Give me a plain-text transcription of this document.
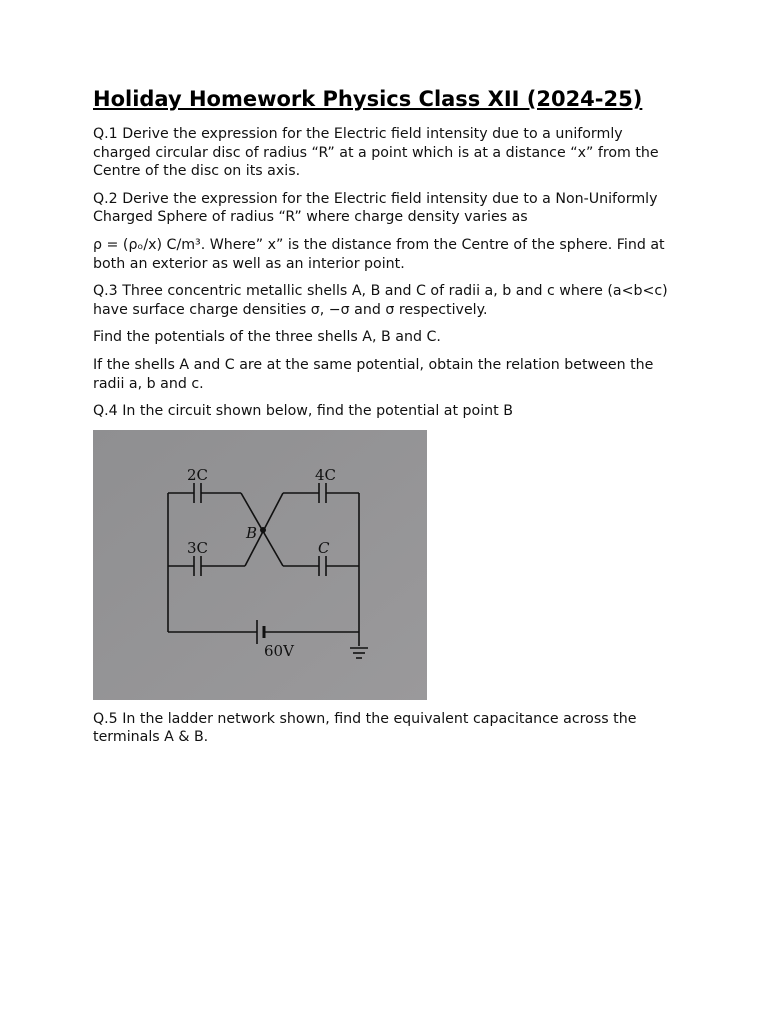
Holiday Homework Physics Class XII (2024-25)

Q.1 Derive the expression for the Electric field intensity due to a uniformly charged circular disc of radius “R” at a point which is at a distance “x” from the Centre of the disc on its axis.

Q.2 Derive the expression for the Electric field intensity due to a Non-Uniformly Charged Sphere of radius “R” where charge density varies as

ρ = (ρₒ/x) C/m³. Where” x” is the distance from the Centre of the sphere. Find at both an exterior as well as an interior point.

Q.3 Three concentric metallic shells A, B and C of radii a, b and c where (a<b<c) have surface charge densities σ, −σ and σ respectively.

Find the potentials of the three shells A, B and C.

If the shells A and C are at the same potential, obtain the relation between the radii a, b and c.

Q.4 In the circuit shown below, find the potential at point B

2C	4C
3C	C
B
60V

Q.5 In the ladder network shown, find the equivalent capacitance across the terminals A & B.
